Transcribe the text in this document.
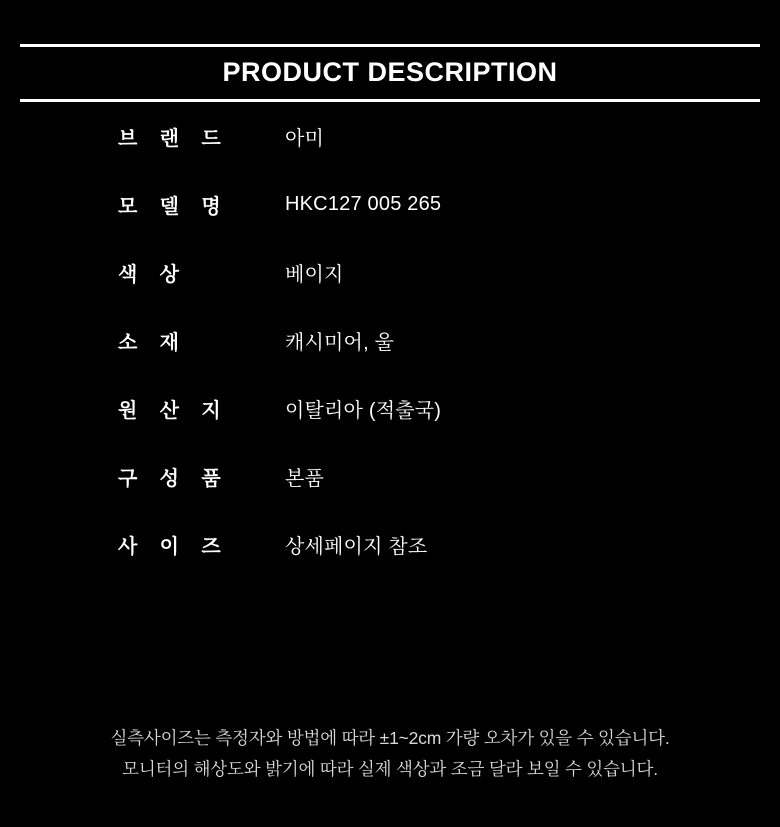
PRODUCT DESCRIPTION
브 랜 드	아미
모 델 명	HKC127 005 265
색 상	베이지
소 재	캐시미어, 울
원 산 지	이탈리아 (적출국)
구 성 품	본품
사 이 즈	상세페이지 참조
실측사이즈는 측정자와 방법에 따라 ±1~2cm 가량 오차가 있을 수 있습니다.
모니터의 해상도와 밝기에 따라 실제 색상과 조금 달라 보일 수 있습니다.
